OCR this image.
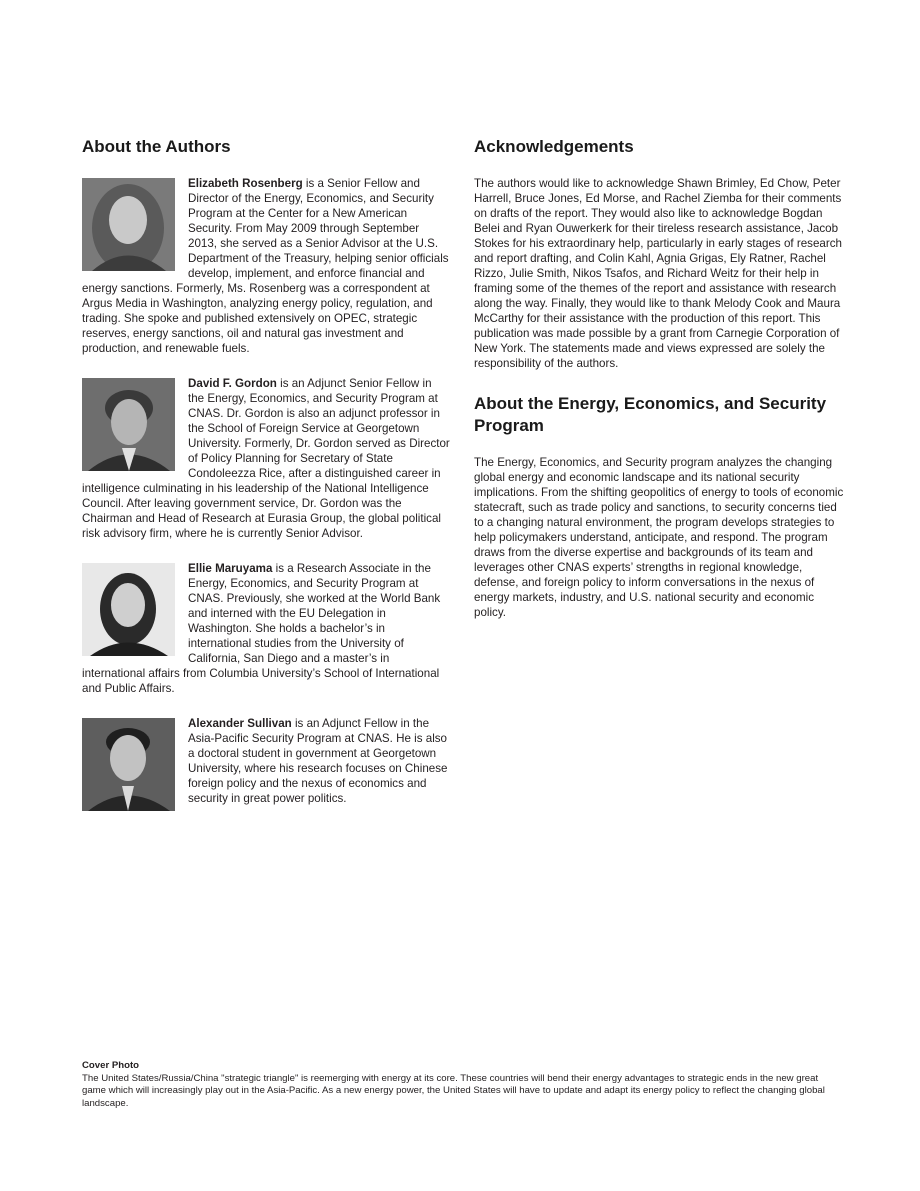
About the Authors
Elizabeth Rosenberg is a Senior Fellow and Director of the Energy, Economics, and Security Program at the Center for a New American Security. From May 2009 through September 2013, she served as a Senior Advisor at the U.S. Department of the Treasury, helping senior officials develop, implement, and enforce financial and energy sanctions. Formerly, Ms. Rosenberg was a correspondent at Argus Media in Washington, analyzing energy policy, regulation, and trading. She spoke and published extensively on OPEC, strategic reserves, energy sanctions, oil and natural gas investment and production, and renewable fuels.
David F. Gordon is an Adjunct Senior Fellow in the Energy, Economics, and Security Program at CNAS. Dr. Gordon is also an adjunct professor in the School of Foreign Service at Georgetown University. Formerly, Dr. Gordon served as Director of Policy Planning for Secretary of State Condoleezza Rice, after a distinguished career in intelligence culminating in his leadership of the National Intelligence Council. After leaving government service, Dr. Gordon was the Chairman and Head of Research at Eurasia Group, the global political risk advisory firm, where he is currently Senior Advisor.
Ellie Maruyama is a Research Associate in the Energy, Economics, and Security Program at CNAS. Previously, she worked at the World Bank and interned with the EU Delegation in Washington. She holds a bachelor’s in international studies from the University of California, San Diego and a master’s in international affairs from Columbia University’s School of International and Public Affairs.
Alexander Sullivan is an Adjunct Fellow in the Asia-Pacific Security Program at CNAS. He is also a doctoral student in government at Georgetown University, where his research focuses on Chinese foreign policy and the nexus of economics and security in great power politics.
Acknowledgements

The authors would like to acknowledge Shawn Brimley, Ed Chow, Peter Harrell, Bruce Jones, Ed Morse, and Rachel Ziemba for their comments on drafts of the report. They would also like to acknowledge Bogdan Belei and Ryan Ouwerkerk for their tireless research assistance, Jacob Stokes for his extraordinary help, particularly in early stages of research and report drafting, and Colin Kahl, Agnia Grigas, Ely Ratner, Rachel Rizzo, Julie Smith, Nikos Tsafos, and Richard Weitz for their help in framing some of the themes of the report and assistance with research along the way. Finally, they would like to thank Melody Cook and Maura McCarthy for their assistance with the production of this report. This publication was made possible by a grant from Carnegie Corporation of New York. The statements made and views expressed are solely the responsibility of the authors.

About the Energy, Economics, and Security Program

The Energy, Economics, and Security program analyzes the changing global energy and economic landscape and its national security implications. From the shifting geopolitics of energy to tools of economic statecraft, such as trade policy and sanctions, to security concerns tied to a changing natural environment, the program develops strategies to help policymakers understand, anticipate, and respond. The program draws from the diverse expertise and backgrounds of its team and leverages other CNAS experts’ strengths in regional knowledge, defense, and foreign policy to inform conversations in the nexus of energy markets, industry, and U.S. national security and economic policy.

Cover Photo
The United States/Russia/China "strategic triangle" is reemerging with energy at its core. These countries will bend their energy advantages to strategic ends in the new great game which will increasingly play out in the Asia-Pacific. As a new energy power, the United States will have to update and adapt its energy policy to reflect the changing global landscape.
